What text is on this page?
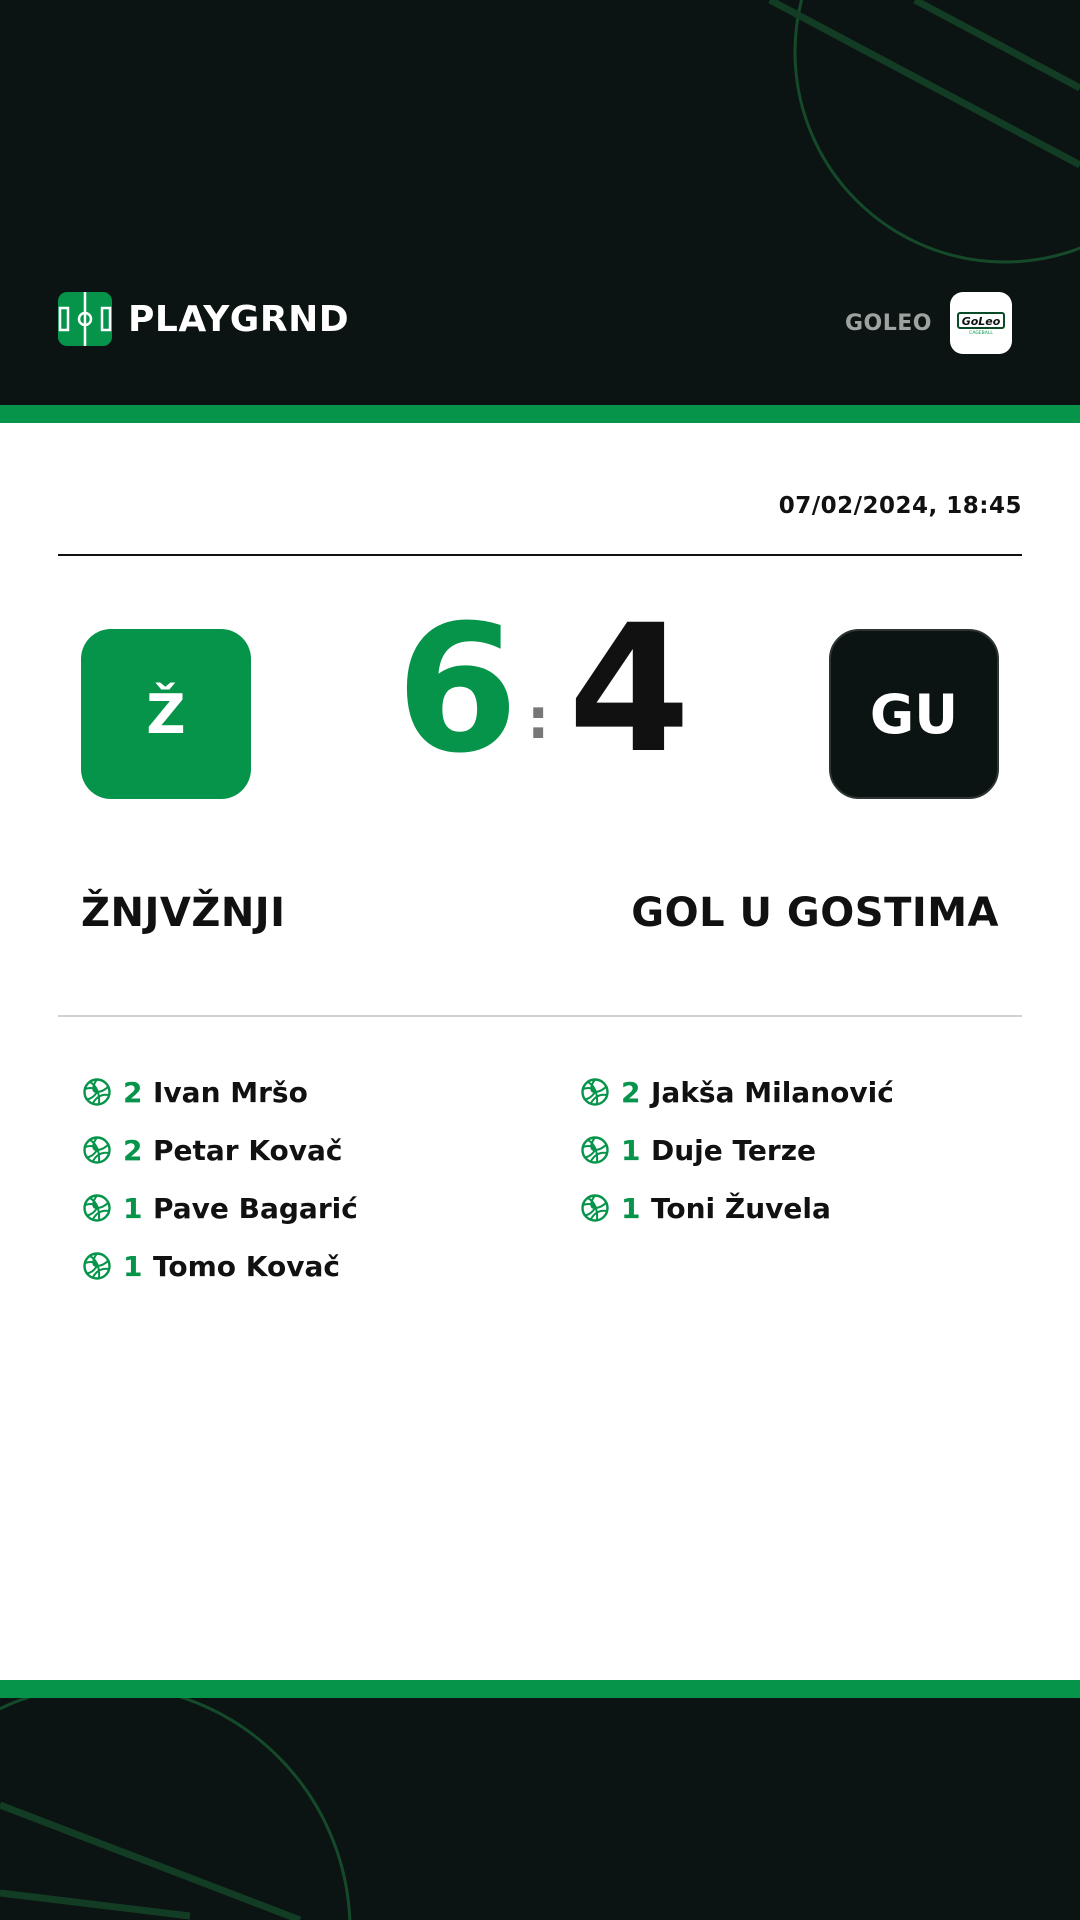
PLAYGRND	GOLEO	GoLeo
CAGEBALL
07/02/2024, 18:45
Ž	6 : 4	GU
ŽNJVŽNJI	GOL U GOSTIMA
2 Ivan Mršo
2 Petar Kovač
1 Pave Bagarić
1 Tomo Kovač
2 Jakša Milanović
1 Duje Terze
1 Toni Žuvela
